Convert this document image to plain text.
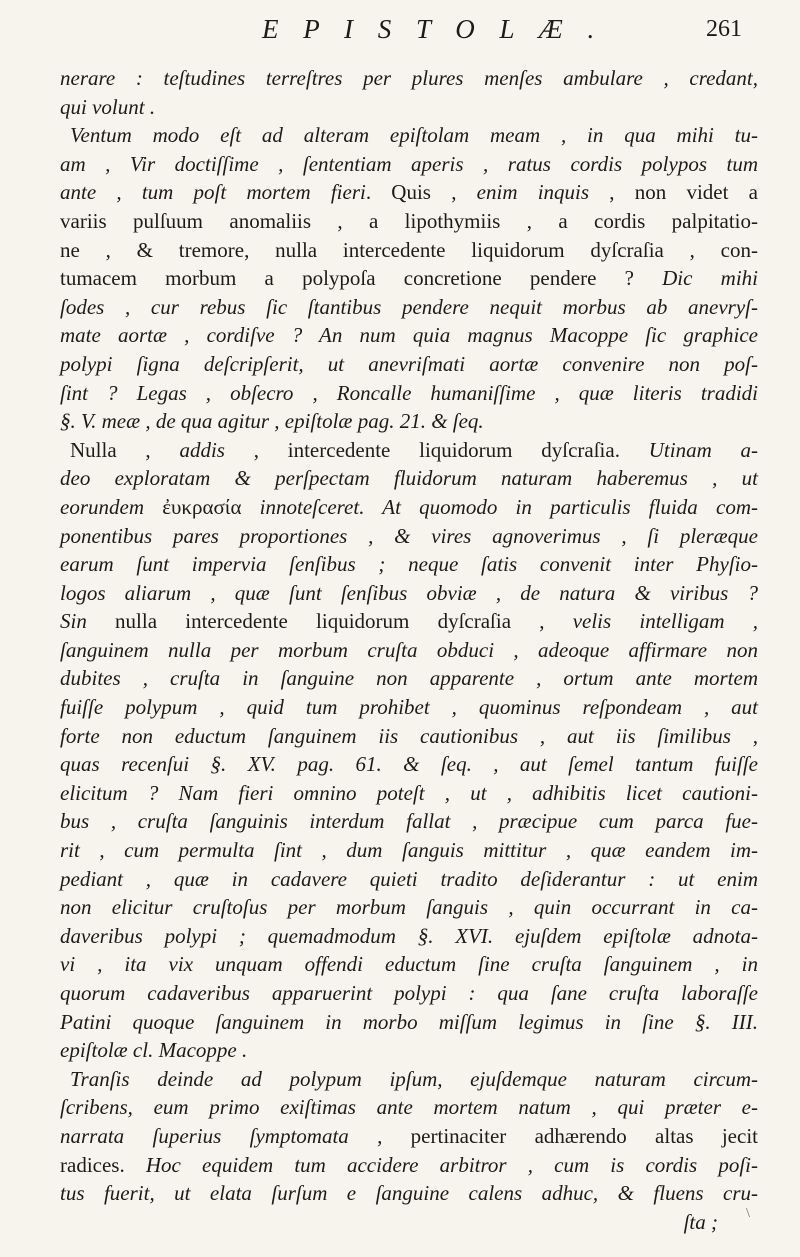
E P I S T O L Æ .	261
nerare : teſtudines terreſtres per plures menſes ambulare , credant,
qui volunt .
Ventum modo eſt ad alteram epiſtolam meam , in qua mihi tu-
am , Vir doctiſſime , ſententiam aperis , ratus cordis polypos tum
ante , tum poſt mortem fieri. Quis , enim inquis , non videt a
variis pulſuum anomaliis , a lipothymiis , a cordis palpitatio-
ne , & tremore, nulla intercedente liquidorum dyſcraſia , con-
tumacem morbum a polypoſa concretione pendere ? Dic mihi
ſodes , cur rebus ſic ſtantibus pendere nequit morbus ab anevryſ-
mate aortæ , cordiſve ? An num quia magnus Macoppe ſic graphice
polypi ſigna deſcripſerit, ut anevriſmati aortæ convenire non poſ-
ſint ? Legas , obſecro , Roncalle humaniſſime , quæ literis tradidi
§. V. meæ , de qua agitur , epiſtolæ pag. 21. & ſeq.
Nulla , addis , intercedente liquidorum dyſcraſia. Utinam a-
deo exploratam & perſpectam fluidorum naturam haberemus , ut
eorundem ἐυκρασία innoteſceret. At quomodo in particulis fluida com-
ponentibus pares proportiones , & vires agnoverimus , ſi pleræque
earum ſunt impervia ſenſibus ; neque ſatis convenit inter Phyſio-
logos aliarum , quæ ſunt ſenſibus obviæ , de natura & viribus ?
Sin nulla intercedente liquidorum dyſcraſia , velis intelligam ,
ſanguinem nulla per morbum cruſta obduci , adeoque affirmare non
dubites , cruſta in ſanguine non apparente , ortum ante mortem
fuiſſe polypum , quid tum prohibet , quominus reſpondeam , aut
forte non eductum ſanguinem iis cautionibus , aut iis ſimilibus ,
quas recenſui §. XV. pag. 61. & ſeq. , aut ſemel tantum fuiſſe
elicitum ? Nam fieri omnino poteſt , ut , adhibitis licet cautioni-
bus , cruſta ſanguinis interdum fallat , præcipue cum parca fue-
rit , cum permulta ſint , dum ſanguis mittitur , quæ eandem im-
pediant , quæ in cadavere quieti tradito deſiderantur : ut enim
non elicitur cruſtoſus per morbum ſanguis , quin occurrant in ca-
daveribus polypi ; quemadmodum §. XVI. ejuſdem epiſtolæ adnota-
vi , ita vix unquam offendi eductum ſine cruſta ſanguinem , in
quorum cadaveribus apparuerint polypi : qua ſane cruſta laboraſſe
Patini quoque ſanguinem in morbo miſſum legimus in ſine §. III.
epiſtolæ cl. Macoppe .
Tranſis deinde ad polypum ipſum, ejuſdemque naturam circum-
ſcribens, eum primo exiſtimas ante mortem natum , qui præter e-
narrata ſuperius ſymptomata , pertinaciter adhærendo altas jecit
radices. Hoc equidem tum accidere arbitror , cum is cordis poſi-
tus fuerit, ut elata ſurſum e ſanguine calens adhuc, & fluens cru-
ſta ;	\
